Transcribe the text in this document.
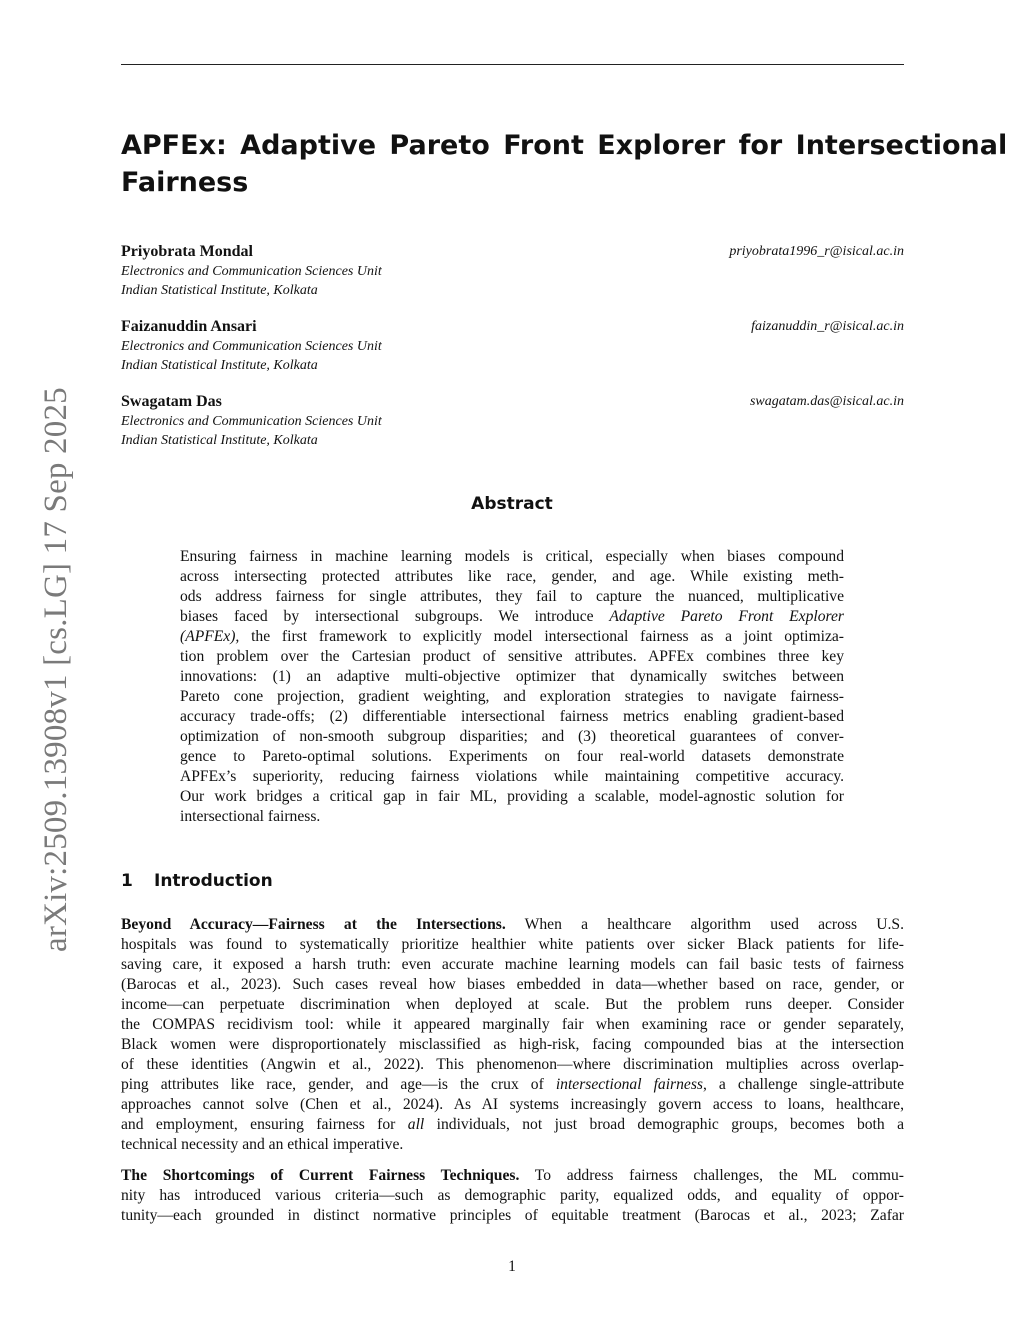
arXiv:2509.13908v1 [cs.LG] 17 Sep 2025
APFEx: Adaptive Pareto Front Explorer for Intersectional
Fairness
Priyobrata Mondal	priyobrata1996_r@isical.ac.in
Electronics and Communication Sciences Unit
Indian Statistical Institute, Kolkata
Faizanuddin Ansari	faizanuddin_r@isical.ac.in
Electronics and Communication Sciences Unit
Indian Statistical Institute, Kolkata
Swagatam Das	swagatam.das@isical.ac.in
Electronics and Communication Sciences Unit
Indian Statistical Institute, Kolkata
Abstract
Ensuring fairness in machine learning models is critical, especially when biases compound
across intersecting protected attributes like race, gender, and age. While existing meth-
ods address fairness for single attributes, they fail to capture the nuanced, multiplicative
biases faced by intersectional subgroups. We introduce Adaptive Pareto Front Explorer
(APFEx), the first framework to explicitly model intersectional fairness as a joint optimiza-
tion problem over the Cartesian product of sensitive attributes. APFEx combines three key
innovations: (1) an adaptive multi-objective optimizer that dynamically switches between
Pareto cone projection, gradient weighting, and exploration strategies to navigate fairness-
accuracy trade-offs; (2) differentiable intersectional fairness metrics enabling gradient-based
optimization of non-smooth subgroup disparities; and (3) theoretical guarantees of conver-
gence to Pareto-optimal solutions. Experiments on four real-world datasets demonstrate
APFEx’s superiority, reducing fairness violations while maintaining competitive accuracy.
Our work bridges a critical gap in fair ML, providing a scalable, model-agnostic solution for
intersectional fairness.
1 Introduction
Beyond Accuracy—Fairness at the Intersections. When a healthcare algorithm used across U.S.
hospitals was found to systematically prioritize healthier white patients over sicker Black patients for life-
saving care, it exposed a harsh truth: even accurate machine learning models can fail basic tests of fairness
(Barocas et al., 2023). Such cases reveal how biases embedded in data—whether based on race, gender, or
income—can perpetuate discrimination when deployed at scale. But the problem runs deeper. Consider
the COMPAS recidivism tool: while it appeared marginally fair when examining race or gender separately,
Black women were disproportionately misclassified as high-risk, facing compounded bias at the intersection
of these identities (Angwin et al., 2022). This phenomenon—where discrimination multiplies across overlap-
ping attributes like race, gender, and age—is the crux of intersectional fairness, a challenge single-attribute
approaches cannot solve (Chen et al., 2024). As AI systems increasingly govern access to loans, healthcare,
and employment, ensuring fairness for all individuals, not just broad demographic groups, becomes both a
technical necessity and an ethical imperative.
The Shortcomings of Current Fairness Techniques. To address fairness challenges, the ML commu-
nity has introduced various criteria—such as demographic parity, equalized odds, and equality of oppor-
tunity—each grounded in distinct normative principles of equitable treatment (Barocas et al., 2023; Zafar
1
